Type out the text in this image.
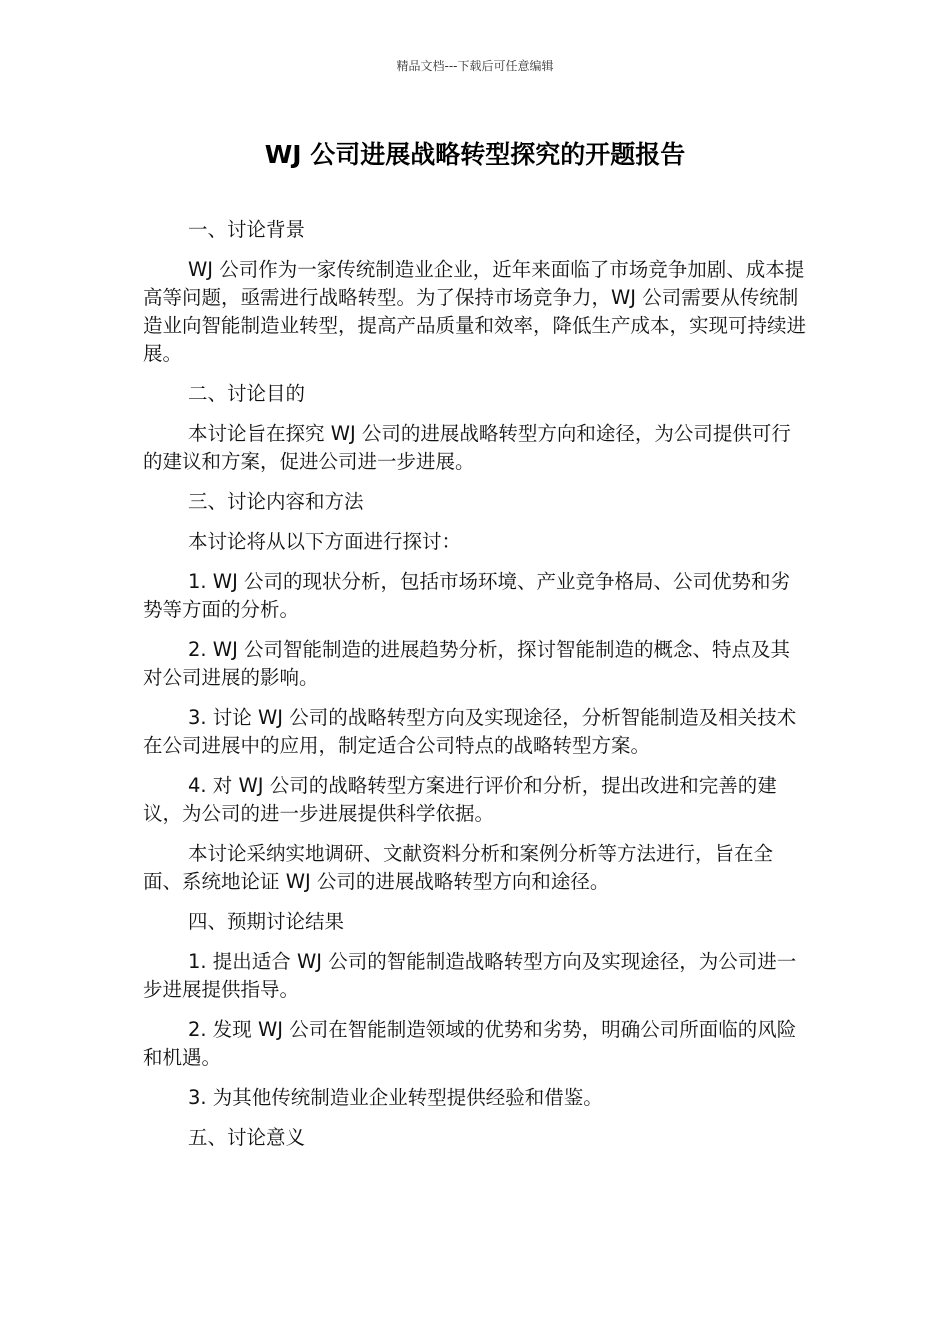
精品文档---下载后可任意编辑
WJ 公司进展战略转型探究的开题报告

一、讨论背景

WJ 公司作为一家传统制造业企业，近年来面临了市场竞争加剧、成本提高等问题，亟需进行战略转型。为了保持市场竞争力，WJ 公司需要从传统制造业向智能制造业转型，提高产品质量和效率，降低生产成本，实现可持续进展。

二、讨论目的

本讨论旨在探究 WJ 公司的进展战略转型方向和途径，为公司提供可行的建议和方案，促进公司进一步进展。

三、讨论内容和方法

本讨论将从以下方面进行探讨：

1. WJ 公司的现状分析，包括市场环境、产业竞争格局、公司优势和劣势等方面的分析。

2. WJ 公司智能制造的进展趋势分析，探讨智能制造的概念、特点及其对公司进展的影响。

3. 讨论 WJ 公司的战略转型方向及实现途径，分析智能制造及相关技术在公司进展中的应用，制定适合公司特点的战略转型方案。

4. 对 WJ 公司的战略转型方案进行评价和分析，提出改进和完善的建议，为公司的进一步进展提供科学依据。

本讨论采纳实地调研、文献资料分析和案例分析等方法进行，旨在全面、系统地论证 WJ 公司的进展战略转型方向和途径。

四、预期讨论结果

1. 提出适合 WJ 公司的智能制造战略转型方向及实现途径，为公司进一步进展提供指导。

2. 发现 WJ 公司在智能制造领域的优势和劣势，明确公司所面临的风险和机遇。

3. 为其他传统制造业企业转型提供经验和借鉴。

五、讨论意义
